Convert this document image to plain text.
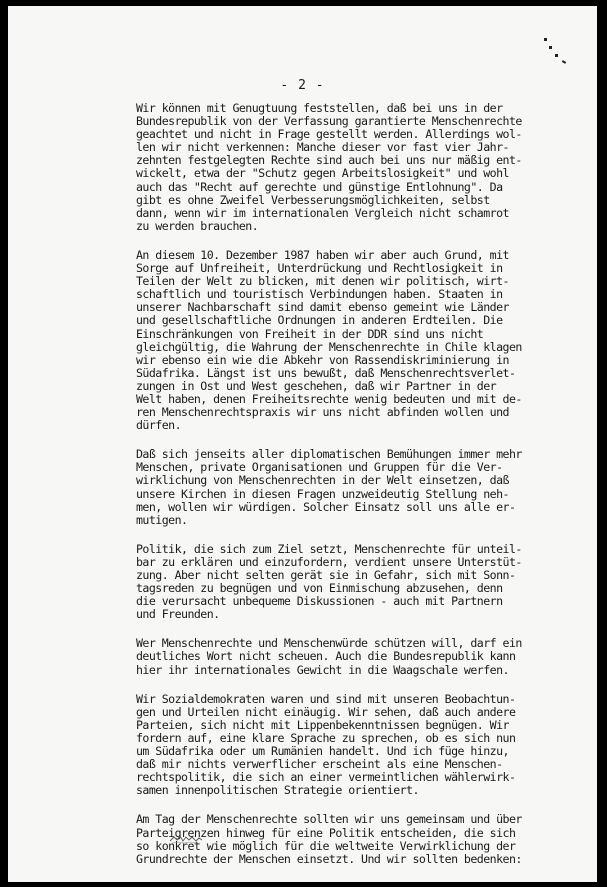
- 2 -
Wir können mit Genugtuung feststellen, daß bei uns in der
Bundesrepublik von der Verfassung garantierte Menschenrechte
geachtet und nicht in Frage gestellt werden. Allerdings wol-
len wir nicht verkennen: Manche dieser vor fast vier Jahr-
zehnten festgelegten Rechte sind auch bei uns nur mäßig ent-
wickelt, etwa der "Schutz gegen Arbeitslosigkeit" und wohl
auch das "Recht auf gerechte und günstige Entlohnung". Da
gibt es ohne Zweifel Verbesserungsmöglichkeiten, selbst
dann, wenn wir im internationalen Vergleich nicht schamrot
zu werden brauchen.
An diesem 10. Dezember 1987 haben wir aber auch Grund, mit
Sorge auf Unfreiheit, Unterdrückung und Rechtlosigkeit in
Teilen der Welt zu blicken, mit denen wir politisch, wirt-
schaftlich und touristisch Verbindungen haben. Staaten in
unserer Nachbarschaft sind damit ebenso gemeint wie Länder
und gesellschaftliche Ordnungen in anderen Erdteilen. Die
Einschränkungen von Freiheit in der DDR sind uns nicht
gleichgültig, die Wahrung der Menschenrechte in Chile klagen
wir ebenso ein wie die Abkehr von Rassendiskriminierung in
Südafrika. Längst ist uns bewußt, daß Menschenrechtsverlet-
zungen in Ost und West geschehen, daß wir Partner in der
Welt haben, denen Freiheitsrechte wenig bedeuten und mit de-
ren Menschenrechtspraxis wir uns nicht abfinden wollen und
dürfen.
Daß sich jenseits aller diplomatischen Bemühungen immer mehr
Menschen, private Organisationen und Gruppen für die Ver-
wirklichung von Menschenrechten in der Welt einsetzen, daß
unsere Kirchen in diesen Fragen unzweideutig Stellung neh-
men, wollen wir würdigen. Solcher Einsatz soll uns alle er-
mutigen.
Politik, die sich zum Ziel setzt, Menschenrechte für unteil-
bar zu erklären und einzufordern, verdient unsere Unterstüt-
zung. Aber nicht selten gerät sie in Gefahr, sich mit Sonn-
tagsreden zu begnügen und von Einmischung abzusehen, denn
die verursacht unbequeme Diskussionen - auch mit Partnern
und Freunden.
Wer Menschenrechte und Menschenwürde schützen will, darf ein
deutliches Wort nicht scheuen. Auch die Bundesrepublik kann
hier ihr internationales Gewicht in die Waagschale werfen.
Wir Sozialdemokraten waren und sind mit unseren Beobachtun-
gen und Urteilen nicht einäugig. Wir sehen, daß auch andere
Parteien, sich nicht mit Lippenbekenntnissen begnügen. Wir
fordern auf, eine klare Sprache zu sprechen, ob es sich nun
um Südafrika oder um Rumänien handelt. Und ich füge hinzu,
daß mir nichts verwerflicher erscheint als eine Menschen-
rechtspolitik, die sich an einer vermeintlichen wählerwirk-
samen innenpolitischen Strategie orientiert.
Am Tag der Menschenrechte sollten wir uns gemeinsam und über
Parteigrenzen hinweg für eine Politik entscheiden, die sich
so konkret wie möglich für die weltweite Verwirklichung der
Grundrechte der Menschen einsetzt. Und wir sollten bedenken:
